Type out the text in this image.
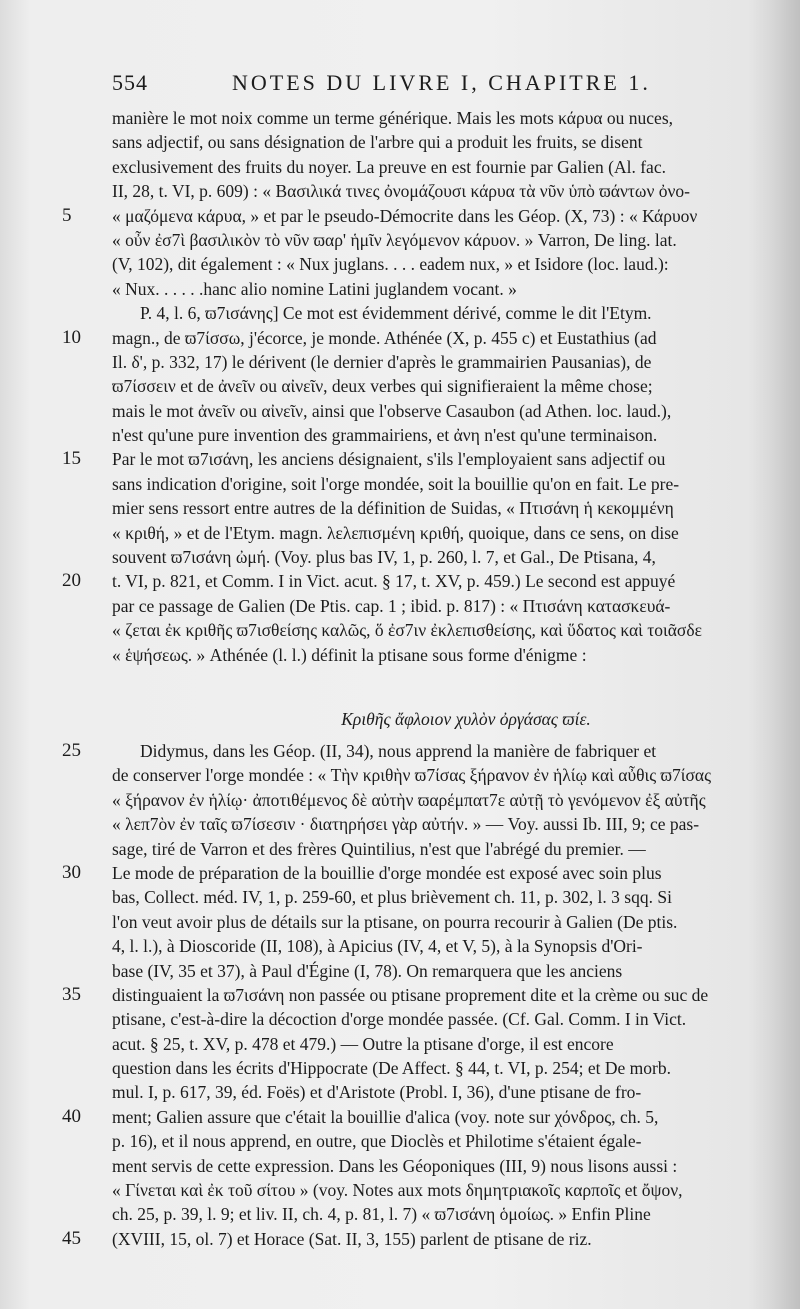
554	NOTES DU LIVRE I, CHAPITRE 1.
manière le mot noix comme un terme générique. Mais les mots κάρυα ou nuces,
sans adjectif, ou sans désignation de l'arbre qui a produit les fruits, se disent
exclusivement des fruits du noyer. La preuve en est fournie par Galien (Al. fac.
II, 28, t. VI, p. 609) : « Βασιλικά τινες ὀνομάζουσι κάρυα τὰ νῦν ὑπὸ ϖάντων ὀνο-
5	« μαζόμενα κάρυα, » et par le pseudo-Démocrite dans les Géop. (X, 73) : « Κάρυον
« οὖν ἐσ7ὶ βασιλικὸν τὸ νῦν ϖαρ' ἡμῖν λεγόμενον κάρυον. » Varron, De ling. lat.
(V, 102), dit également : « Nux juglans. . . . eadem nux, » et Isidore (loc. laud.):
« Nux. . . . . .hanc alio nomine Latini juglandem vocant. »
P. 4, l. 6, ϖ7ισάνης] Ce mot est évidemment dérivé, comme le dit l'Etym.
10	magn., de ϖ7ίσσω, j'écorce, je monde. Athénée (X, p. 455 c) et Eustathius (ad
Il. δ', p. 332, 17) le dérivent (le dernier d'après le grammairien Pausanias), de
ϖ7ίσσειν et de ἀνεῖν ou αἰνεῖν, deux verbes qui signifieraient la même chose;
mais le mot ἀνεῖν ou αἰνεῖν, ainsi que l'observe Casaubon (ad Athen. loc. laud.),
n'est qu'une pure invention des grammairiens, et ἀνη n'est qu'une terminaison.
15	Par le mot ϖ7ισάνη, les anciens désignaient, s'ils l'employaient sans adjectif ou
sans indication d'origine, soit l'orge mondée, soit la bouillie qu'on en fait. Le pre-
mier sens ressort entre autres de la définition de Suidas, « Πτισάνη ἡ κεκομμένη
« κριθή, » et de l'Etym. magn. λελεπισμένη κριθή, quoique, dans ce sens, on dise
souvent ϖ7ισάνη ὠμή. (Voy. plus bas IV, 1, p. 260, l. 7, et Gal., De Ptisana, 4,
20	t. VI, p. 821, et Comm. I in Vict. acut. § 17, t. XV, p. 459.) Le second est appuyé
par ce passage de Galien (De Ptis. cap. 1 ; ibid. p. 817) : « Πτισάνη κατασκευά-
« ζεται ἐκ κριθῆς ϖ7ισθείσης καλῶς, ὅ ἐσ7ιν ἐκλεπισθείσης, καὶ ὕδατος καὶ τοιᾶσδε
« ἑψήσεως. » Athénée (l. l.) définit la ptisane sous forme d'énigme :
Κριθῆς ἄφλοιον χυλὸν ὀργάσας ϖίε.
25	Didymus, dans les Géop. (II, 34), nous apprend la manière de fabriquer et
de conserver l'orge mondée : « Τὴν κριθὴν ϖ7ίσας ξήρανον ἐν ἡλίῳ καὶ αὖθις ϖ7ίσας
« ξήρανον ἐν ἡλίῳ· ἀποτιθέμενος δὲ αὐτὴν ϖαρέμπατ7ε αὐτῇ τὸ γενόμενον ἐξ αὐτῆς
« λεπ7ὸν ἐν ταῖς ϖ7ίσεσιν · διατηρήσει γὰρ αὐτήν. » — Voy. aussi Ib. III, 9; ce pas-
sage, tiré de Varron et des frères Quintilius, n'est que l'abrégé du premier. —
30	Le mode de préparation de la bouillie d'orge mondée est exposé avec soin plus
bas, Collect. méd. IV, 1, p. 259-60, et plus brièvement ch. 11, p. 302, l. 3 sqq. Si
l'on veut avoir plus de détails sur la ptisane, on pourra recourir à Galien (De ptis.
4, l. l.), à Dioscoride (II, 108), à Apicius (IV, 4, et V, 5), à la Synopsis d'Ori-
base (IV, 35 et 37), à Paul d'Égine (I, 78). On remarquera que les anciens
35	distinguaient la ϖ7ισάνη non passée ou ptisane proprement dite et la crème ou suc de
ptisane, c'est-à-dire la décoction d'orge mondée passée. (Cf. Gal. Comm. I in Vict.
acut. § 25, t. XV, p. 478 et 479.) — Outre la ptisane d'orge, il est encore
question dans les écrits d'Hippocrate (De Affect. § 44, t. VI, p. 254; et De morb.
mul. I, p. 617, 39, éd. Foës) et d'Aristote (Probl. I, 36), d'une ptisane de fro-
40	ment; Galien assure que c'était la bouillie d'alica (voy. note sur χόνδρος, ch. 5,
p. 16), et il nous apprend, en outre, que Dioclès et Philotime s'étaient égale-
ment servis de cette expression. Dans les Géoponiques (III, 9) nous lisons aussi :
« Γίνεται καὶ ἐκ τοῦ σίτου » (voy. Notes aux mots δημητριακοῖς καρποῖς et ὄψον,
ch. 25, p. 39, l. 9; et liv. II, ch. 4, p. 81, l. 7) « ϖ7ισάνη ὁμοίως. » Enfin Pline
45	(XVIII, 15, ol. 7) et Horace (Sat. II, 3, 155) parlent de ptisane de riz.
